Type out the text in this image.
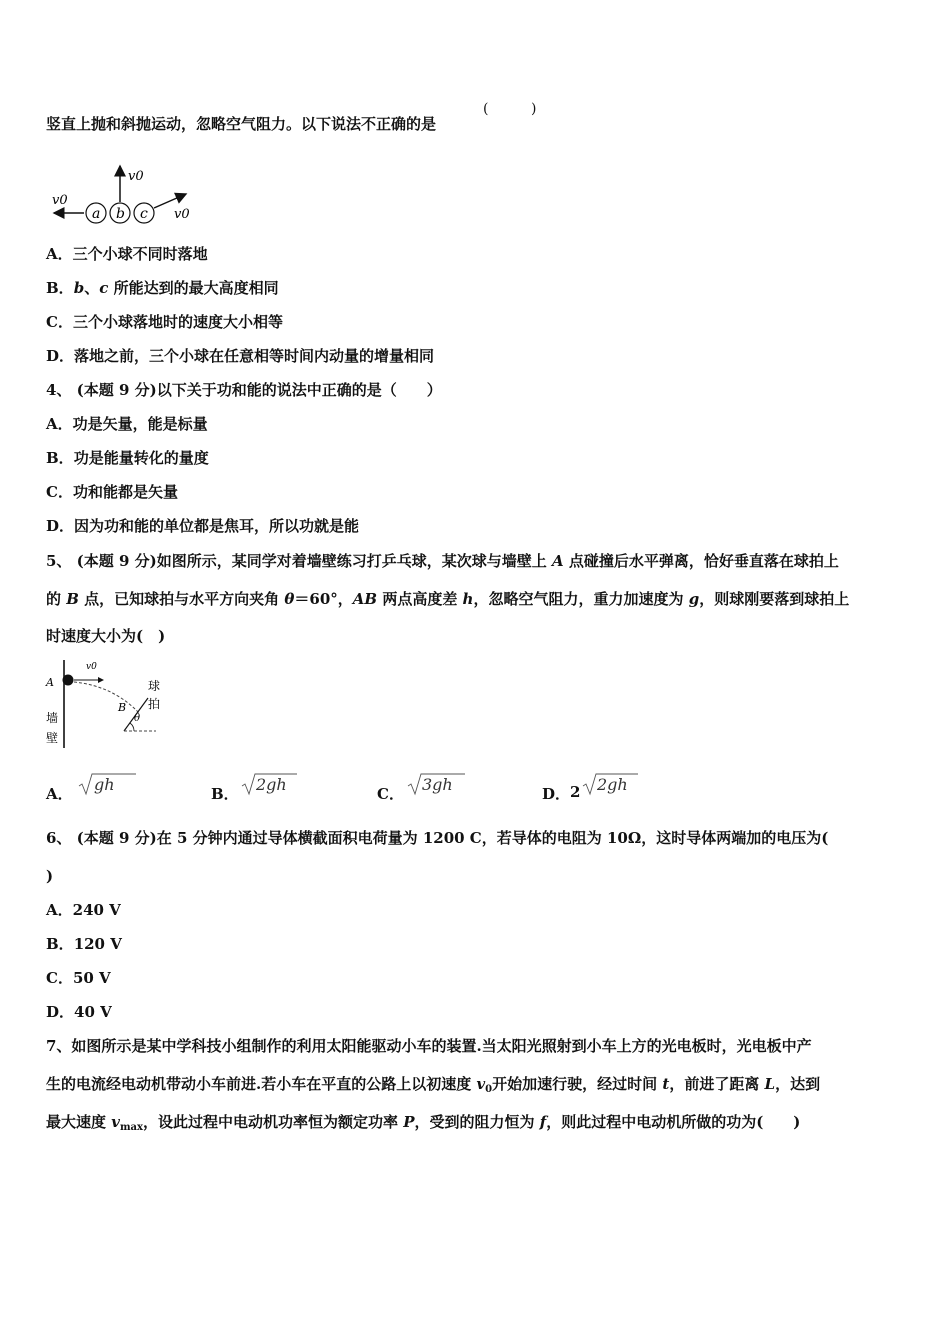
竖直上抛和斜抛运动，忽略空气阻力。以下说法不正确的是
(	)
a b c
v0
v0
v0
A．三个小球不同时落地
B．b、c 所能达到的最大高度相同
C．三个小球落地时的速度大小相等
D．落地之前，三个小球在任意相等时间内动量的增量相同
4、 (本题 9 分)以下关于功和能的说法中正确的是（　　）
A．功是矢量，能是标量
B．功是能量转化的量度
C．功和能都是矢量
D．因为功和能的单位都是焦耳，所以功就是能
5、 (本题 9 分)如图所示，某同学对着墙壁练习打乒乓球，某次球与墙壁上 A 点碰撞后水平弹离，恰好垂直落在球拍上
的 B 点，已知球拍与水平方向夹角 θ＝60°，AB 两点高度差 h，忽略空气阻力，重力加速度为 g，则球刚要落到球拍上
时速度大小为(　)
A
v0
墙
壁
球
拍
B
θ
A． gh	B． 2gh	C． 3gh	D． 2 2gh
6、 (本题 9 分)在 5 分钟内通过导体横截面积电荷量为 1200 C，若导体的电阻为 10Ω，这时导体两端加的电压为(
)
A．240 V
B．120 V
C．50 V
D．40 V
7、如图所示是某中学科技小组制作的利用太阳能驱动小车的装置.当太阳光照射到小车上方的光电板时，光电板中产
生的电流经电动机带动小车前进.若小车在平直的公路上以初速度 $v_0$开始加速行驶，经过时间 t，前进了距离 L，达到
最大速度 $v_{max}$，设此过程中电动机功率恒为额定功率 P，受到的阻力恒为 f，则此过程中电动机所做的功为(　　)
